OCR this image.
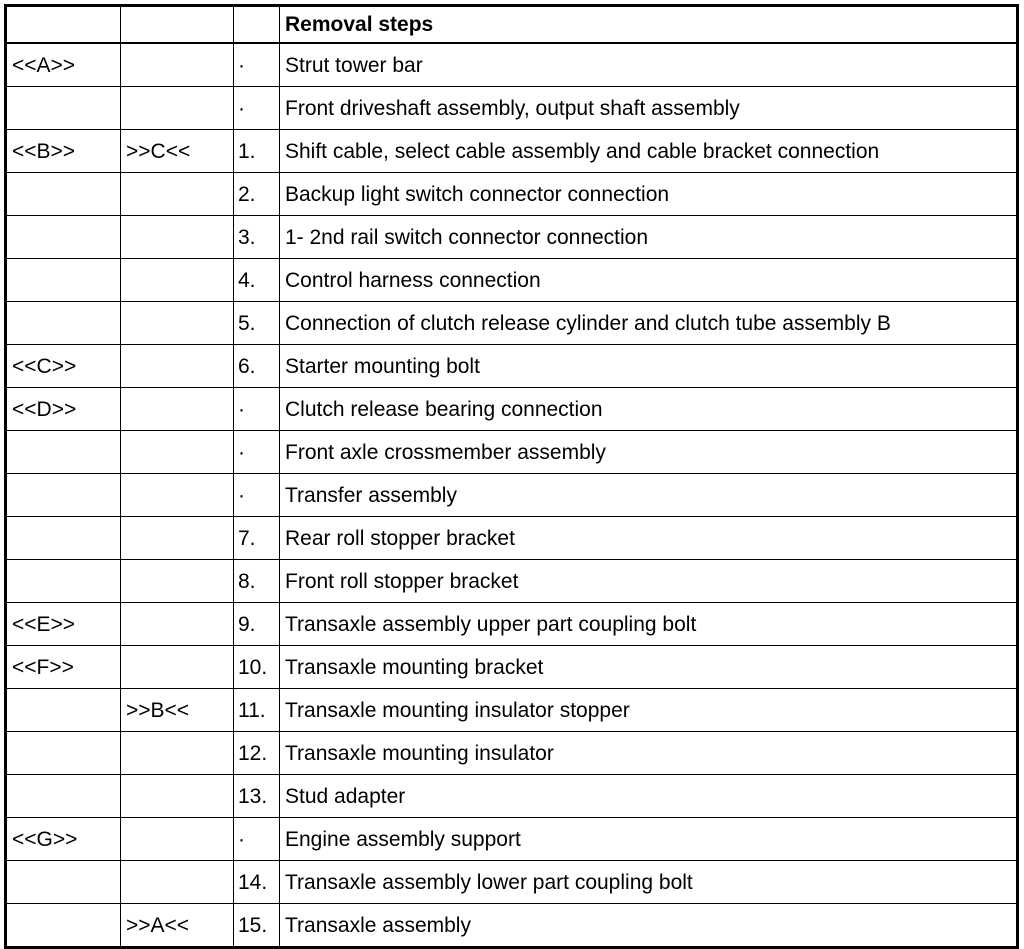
			Removal steps
<<A>>		·	Strut tower bar
		·	Front driveshaft assembly, output shaft assembly
<<B>>	>>C<<	1.	Shift cable, select cable assembly and cable bracket connection
		2.	Backup light switch connector connection
		3.	1- 2nd rail switch connector connection
		4.	Control harness connection
		5.	Connection of clutch release cylinder and clutch tube assembly B
<<C>>		6.	Starter mounting bolt
<<D>>		·	Clutch release bearing connection
		·	Front axle crossmember assembly
		·	Transfer assembly
		7.	Rear roll stopper bracket
		8.	Front roll stopper bracket
<<E>>		9.	Transaxle assembly upper part coupling bolt
<<F>>		10.	Transaxle mounting bracket
	>>B<<	11.	Transaxle mounting insulator stopper
		12.	Transaxle mounting insulator
		13.	Stud adapter
<<G>>		·	Engine assembly support
		14.	Transaxle assembly lower part coupling bolt
	>>A<<	15.	Transaxle assembly
